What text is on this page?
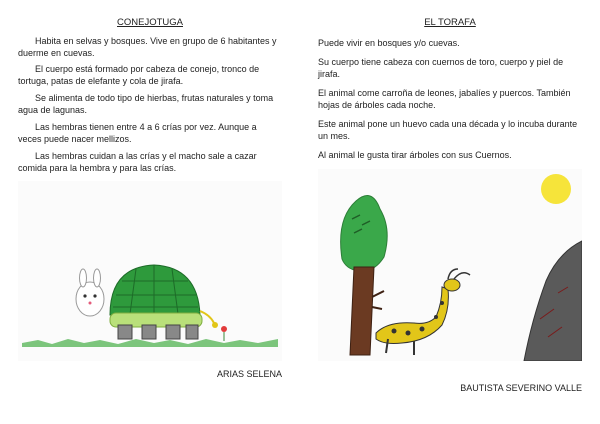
CONEJOTUGA

Habita en selvas y bosques. Vive en grupo de 6 habitantes y duerme en cuevas.

El cuerpo está formado por cabeza de conejo, tronco de tortuga, patas de elefante y cola de jirafa.

Se alimenta de todo tipo de hierbas, frutas naturales y toma agua de lagunas.

Las hembras tienen entre 4 a 6 crías por vez. Aunque a veces puede nacer mellizos.

Las hembras cuidan a las crías y el macho sale a cazar comida para la hembra y para las crías.

ARIAS SELENA
EL TORAFA

Puede vivir en bosques y/o cuevas.

Su cuerpo tiene cabeza con cuernos de toro, cuerpo y piel de jirafa.

El animal come carroña de leones, jabalíes y puercos. También hojas de árboles cada noche.

Este animal pone un huevo cada una década y lo incuba durante un mes.

Al animal le gusta tirar árboles con sus Cuernos.

BAUTISTA SEVERINO VALLE
